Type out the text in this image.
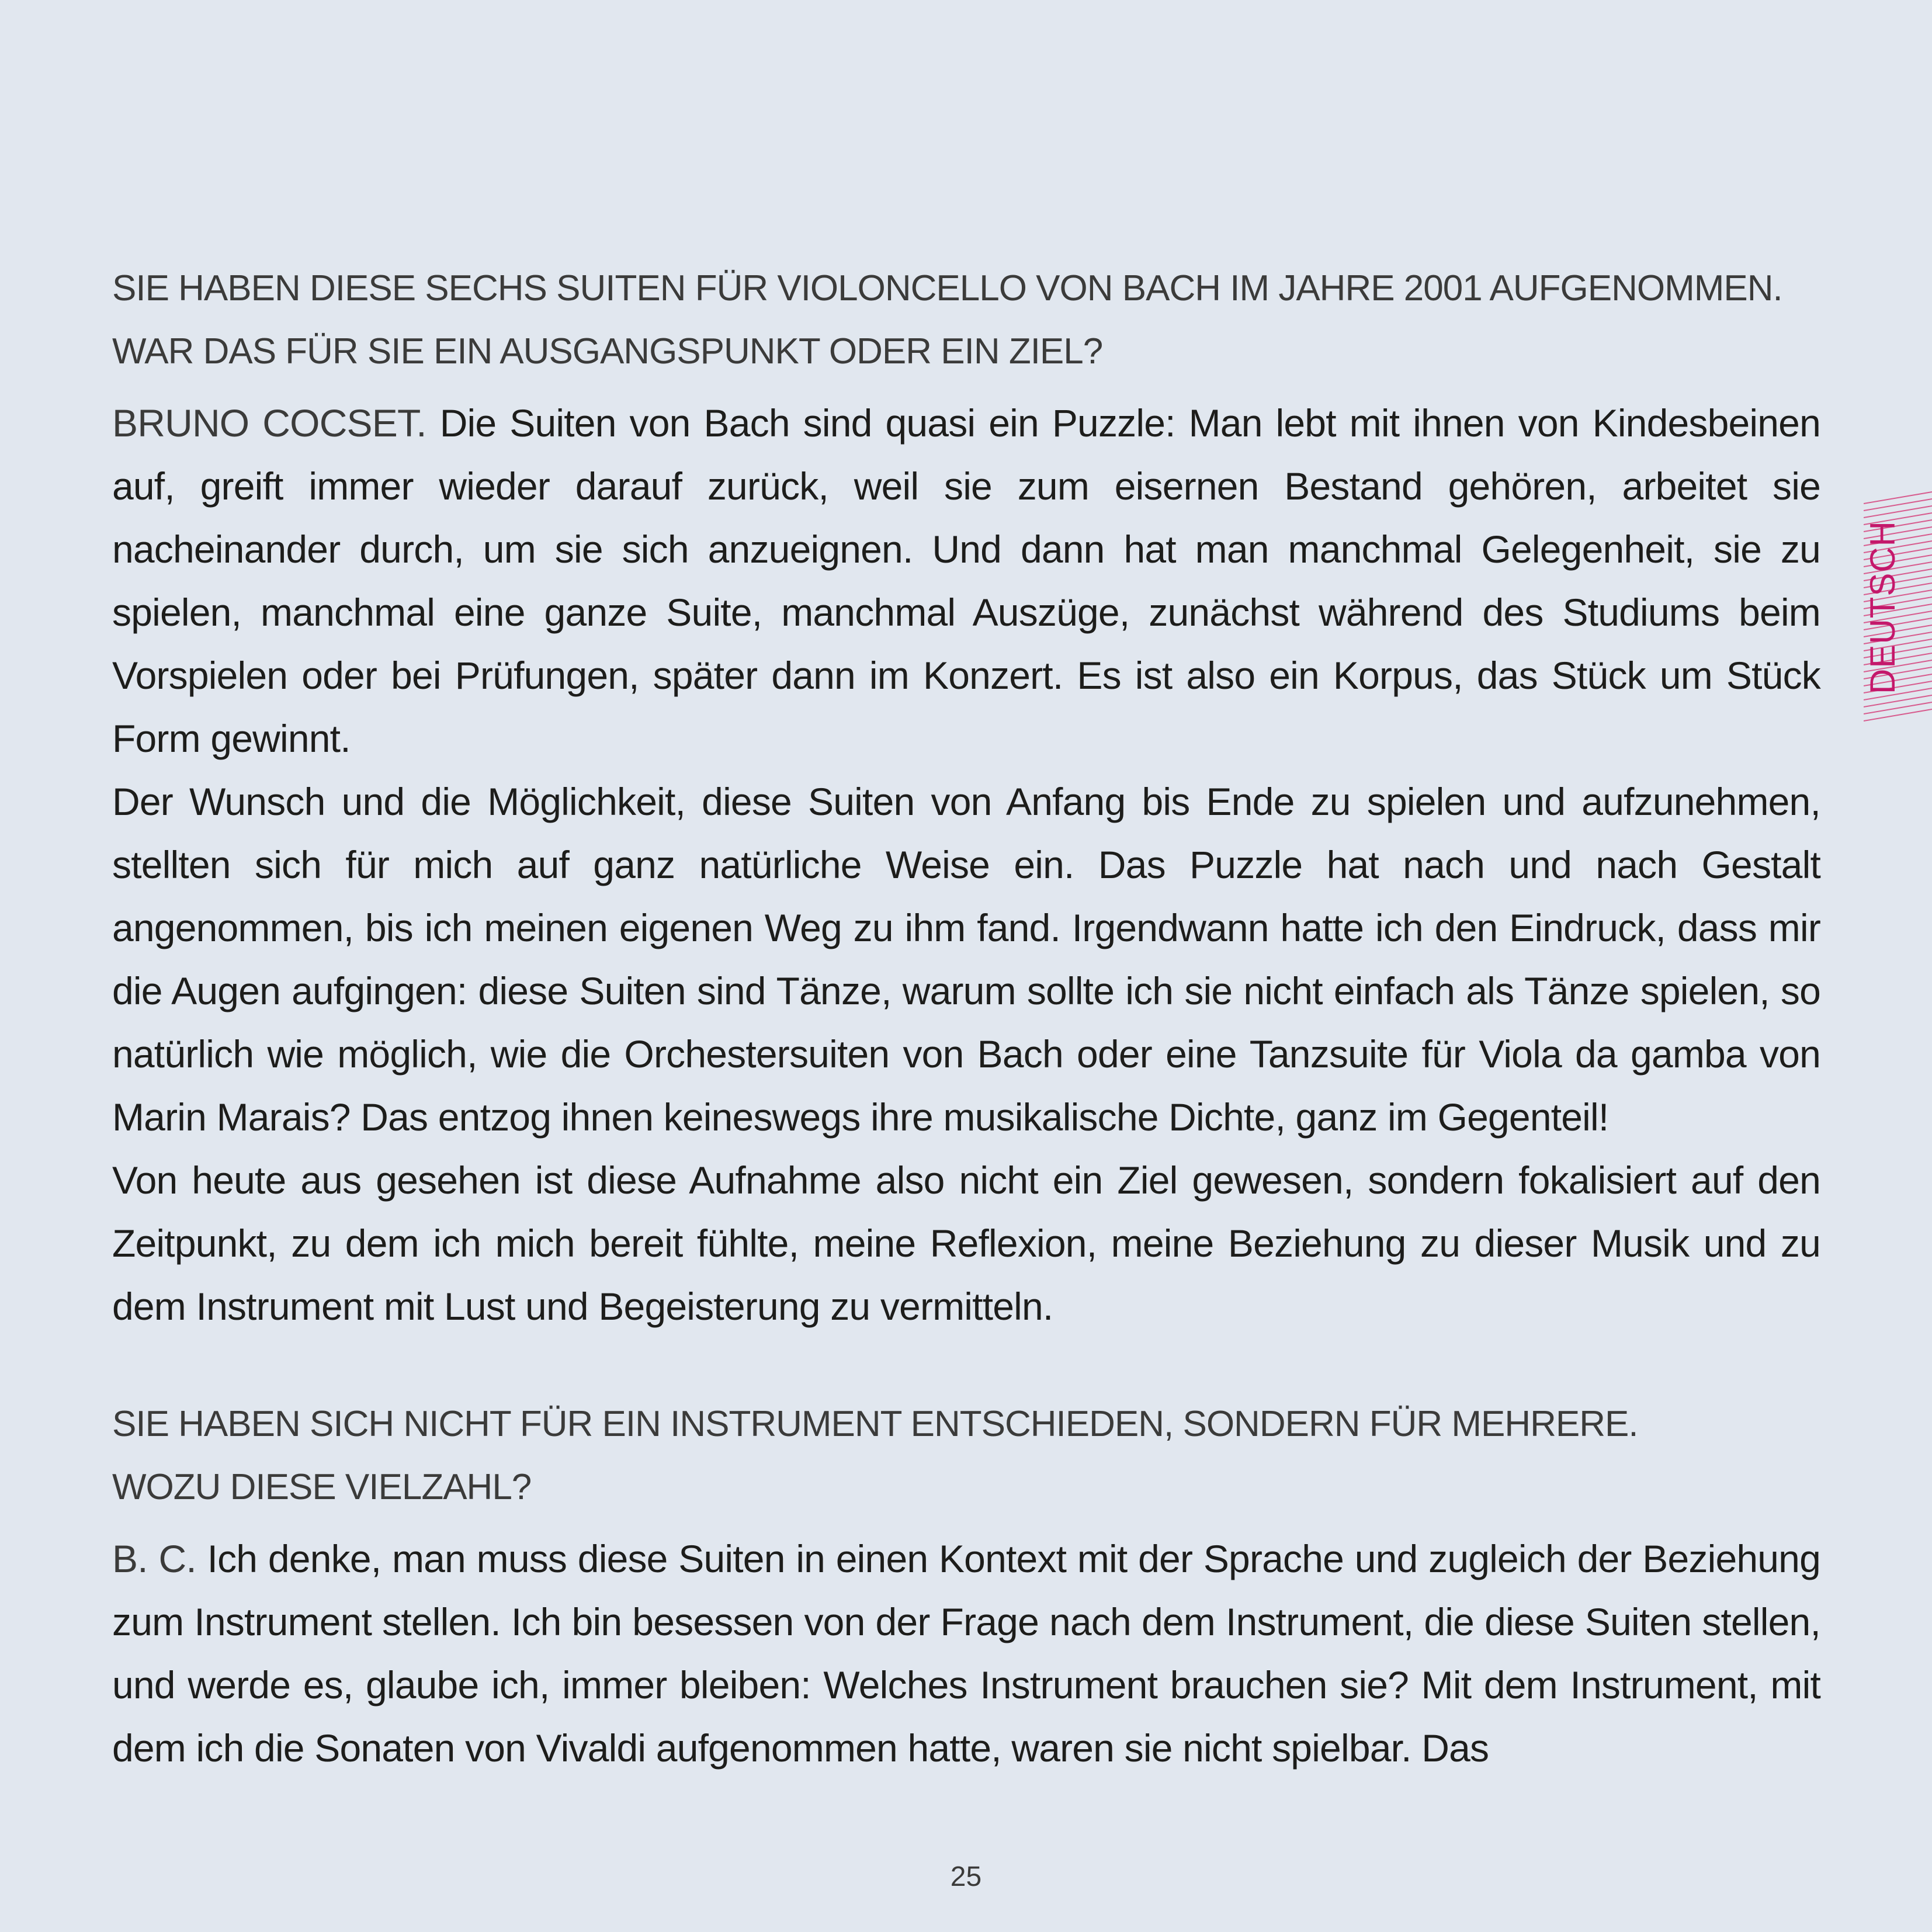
SIE HABEN DIESE SECHS SUITEN FÜR VIOLONCELLO VON BACH IM JAHRE 2001 AUFGENOMMEN.
WAR DAS FÜR SIE EIN AUSGANGSPUNKT ODER EIN ZIEL?

BRUNO COCSET. Die Suiten von Bach sind quasi ein Puzzle: Man lebt mit ihnen von Kindesbeinen auf, greift immer wieder darauf zurück, weil sie zum eisernen Bestand gehören, arbeitet sie nacheinander durch, um sie sich anzueignen. Und dann hat man manchmal Gelegenheit, sie zu spielen, manchmal eine ganze Suite, manchmal Auszüge, zunächst während des Studiums beim Vorspielen oder bei Prüfungen, später dann im Konzert. Es ist also ein Korpus, das Stück um Stück Form gewinnt.

Der Wunsch und die Möglichkeit, diese Suiten von Anfang bis Ende zu spielen und aufzunehmen, stellten sich für mich auf ganz natürliche Weise ein. Das Puzzle hat nach und nach Gestalt angenommen, bis ich meinen eigenen Weg zu ihm fand. Irgendwann hatte ich den Eindruck, dass mir die Augen aufgingen: diese Suiten sind Tänze, warum sollte ich sie nicht einfach als Tänze spielen, so natürlich wie möglich, wie die Orchestersuiten von Bach oder eine Tanzsuite für Viola da gamba von Marin Marais? Das entzog ihnen keineswegs ihre musikalische Dichte, ganz im Gegenteil!

Von heute aus gesehen ist diese Aufnahme also nicht ein Ziel gewesen, sondern fokalisiert auf den Zeitpunkt, zu dem ich mich bereit fühlte, meine Reflexion, meine Beziehung zu dieser Musik und zu dem Instrument mit Lust und Begeisterung zu vermitteln.

SIE HABEN SICH NICHT FÜR EIN INSTRUMENT ENTSCHIEDEN, SONDERN FÜR MEHRERE.
WOZU DIESE VIELZAHL?

B. C. Ich denke, man muss diese Suiten in einen Kontext mit der Sprache und zugleich der Beziehung zum Instrument stellen. Ich bin besessen von der Frage nach dem Instrument, die diese Suiten stellen, und werde es, glaube ich, immer bleiben: Welches Instrument brauchen sie? Mit dem Instrument, mit dem ich die Sonaten von Vivaldi aufgenommen hatte, waren sie nicht spielbar. Das

DEUTSCH
25
